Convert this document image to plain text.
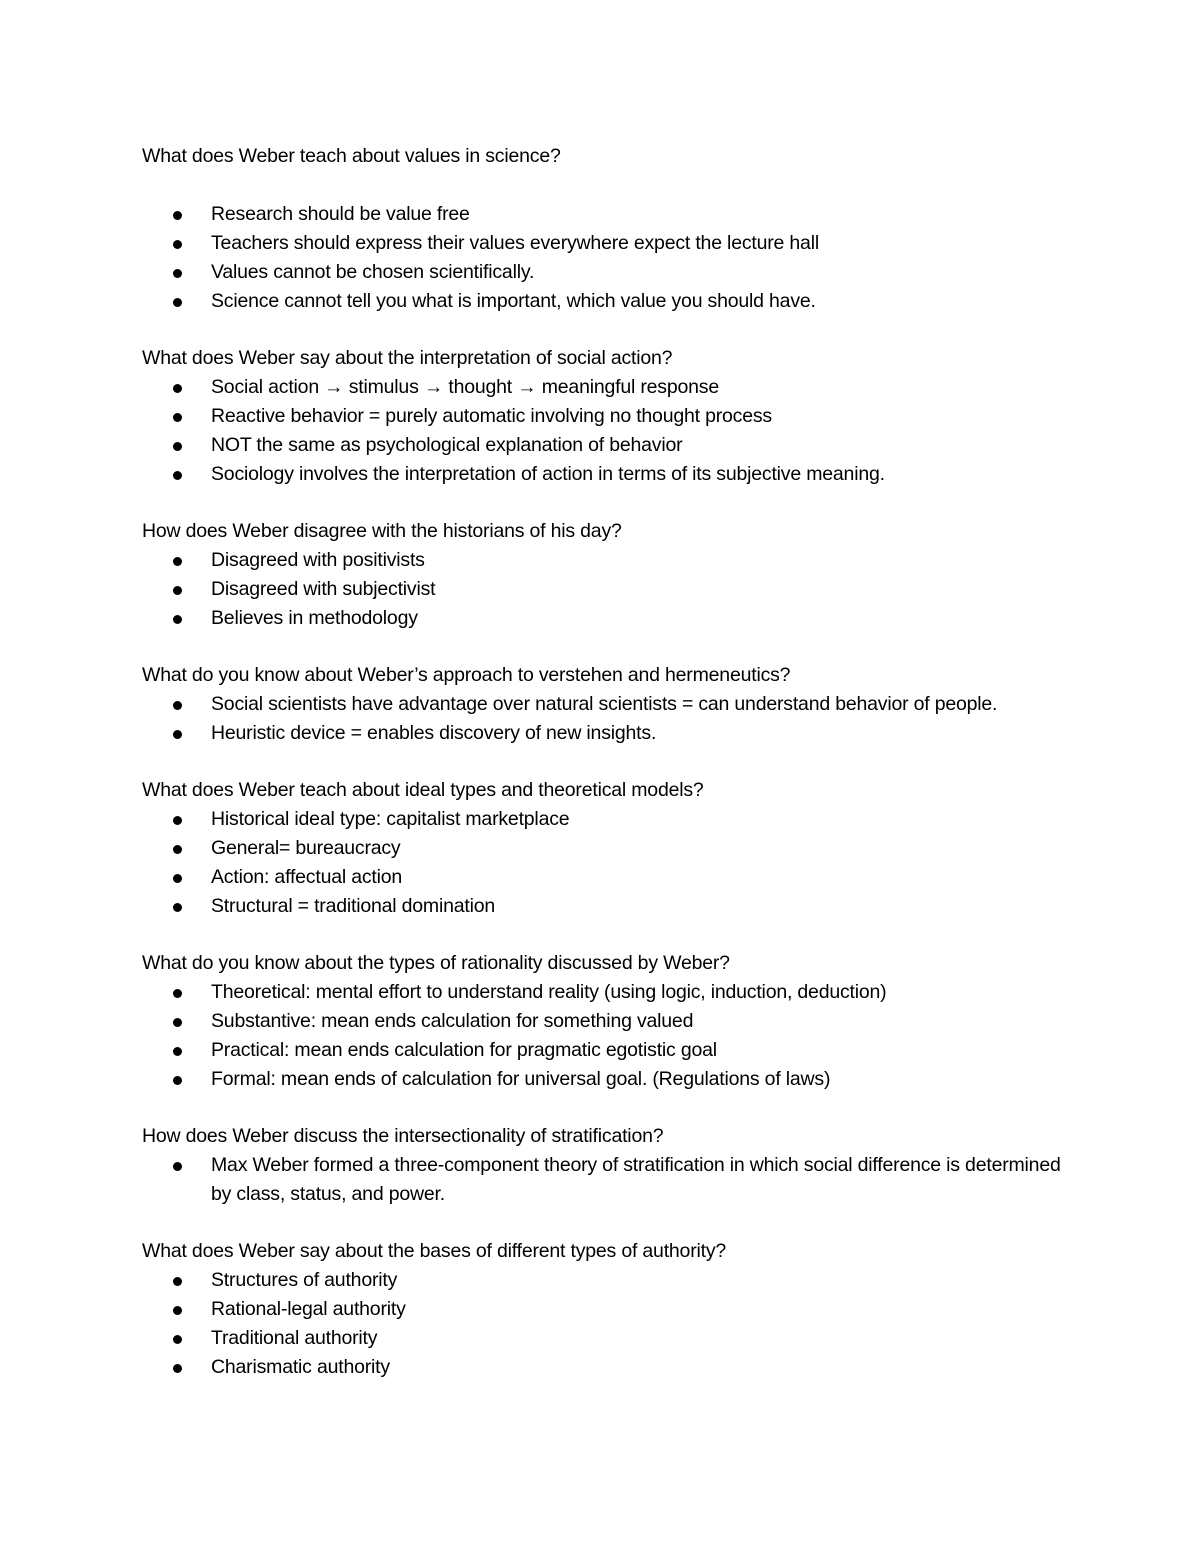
What does Weber teach about values in science?

Research should be value free
Teachers should express their values everywhere expect the lecture hall
Values cannot be chosen scientifically.
Science cannot tell you what is important, which value you should have.

What does Weber say about the interpretation of social action?

Social action → stimulus → thought → meaningful response
Reactive behavior = purely automatic involving no thought process
NOT the same as psychological explanation of behavior
Sociology involves the interpretation of action in terms of its subjective meaning.

How does Weber disagree with the historians of his day?

Disagreed with positivists
Disagreed with subjectivist
Believes in methodology

What do you know about Weber’s approach to verstehen and hermeneutics?

Social scientists have advantage over natural scientists = can understand behavior of people.
Heuristic device = enables discovery of new insights.

What does Weber teach about ideal types and theoretical models?

Historical ideal type: capitalist marketplace
General= bureaucracy
Action: affectual action
Structural = traditional domination

What do you know about the types of rationality discussed by Weber?

Theoretical: mental effort to understand reality (using logic, induction, deduction)
Substantive: mean ends calculation for something valued
Practical: mean ends calculation for pragmatic egotistic goal
Formal: mean ends of calculation for universal goal. (Regulations of laws)

How does Weber discuss the intersectionality of stratification?

Max Weber formed a three-component theory of stratification in which social difference is determined by class, status, and power.

What does Weber say about the bases of different types of authority?

Structures of authority
Rational-legal authority
Traditional authority
Charismatic authority
